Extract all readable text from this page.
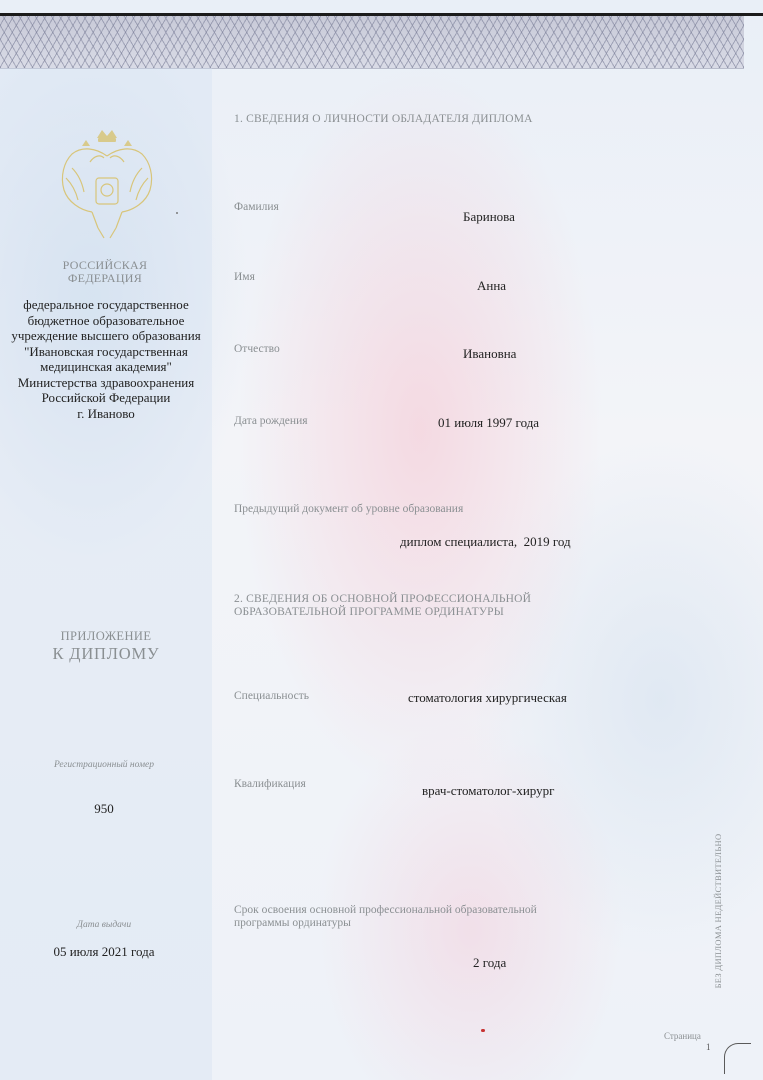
РОССИЙСКАЯ ФЕДЕРАЦИЯ
федеральное государственное бюджетное образовательное учреждение высшего образования "Ивановская государственная медицинская академия" Министерства здравоохранения Российской Федерации
г. Иваново
ПРИЛОЖЕНИЕ
К ДИПЛОМУ
Регистрационный номер
950
Дата выдачи
05 июля 2021 года
1. СВЕДЕНИЯ О ЛИЧНОСТИ ОБЛАДАТЕЛЯ ДИПЛОМА
Фамилия
Баринова
Имя
Анна
Отчество	Ивановна
Дата рождения	01 июля 1997 года
Предыдущий документ об уровне образования
диплом специалиста,  2019 год
2. СВЕДЕНИЯ ОБ ОСНОВНОЙ ПРОФЕССИОНАЛЬНОЙ ОБРАЗОВАТЕЛЬНОЙ ПРОГРАММЕ ОРДИНАТУРЫ
Специальность	стоматология хирургическая
Квалификация	врач-стоматолог-хирург
Срок освоения основной профессиональной образовательной программы ординатуры
2 года	БЕЗ ДИПЛОМА НЕДЕЙСТВИТЕЛЬНО
Страница
1
